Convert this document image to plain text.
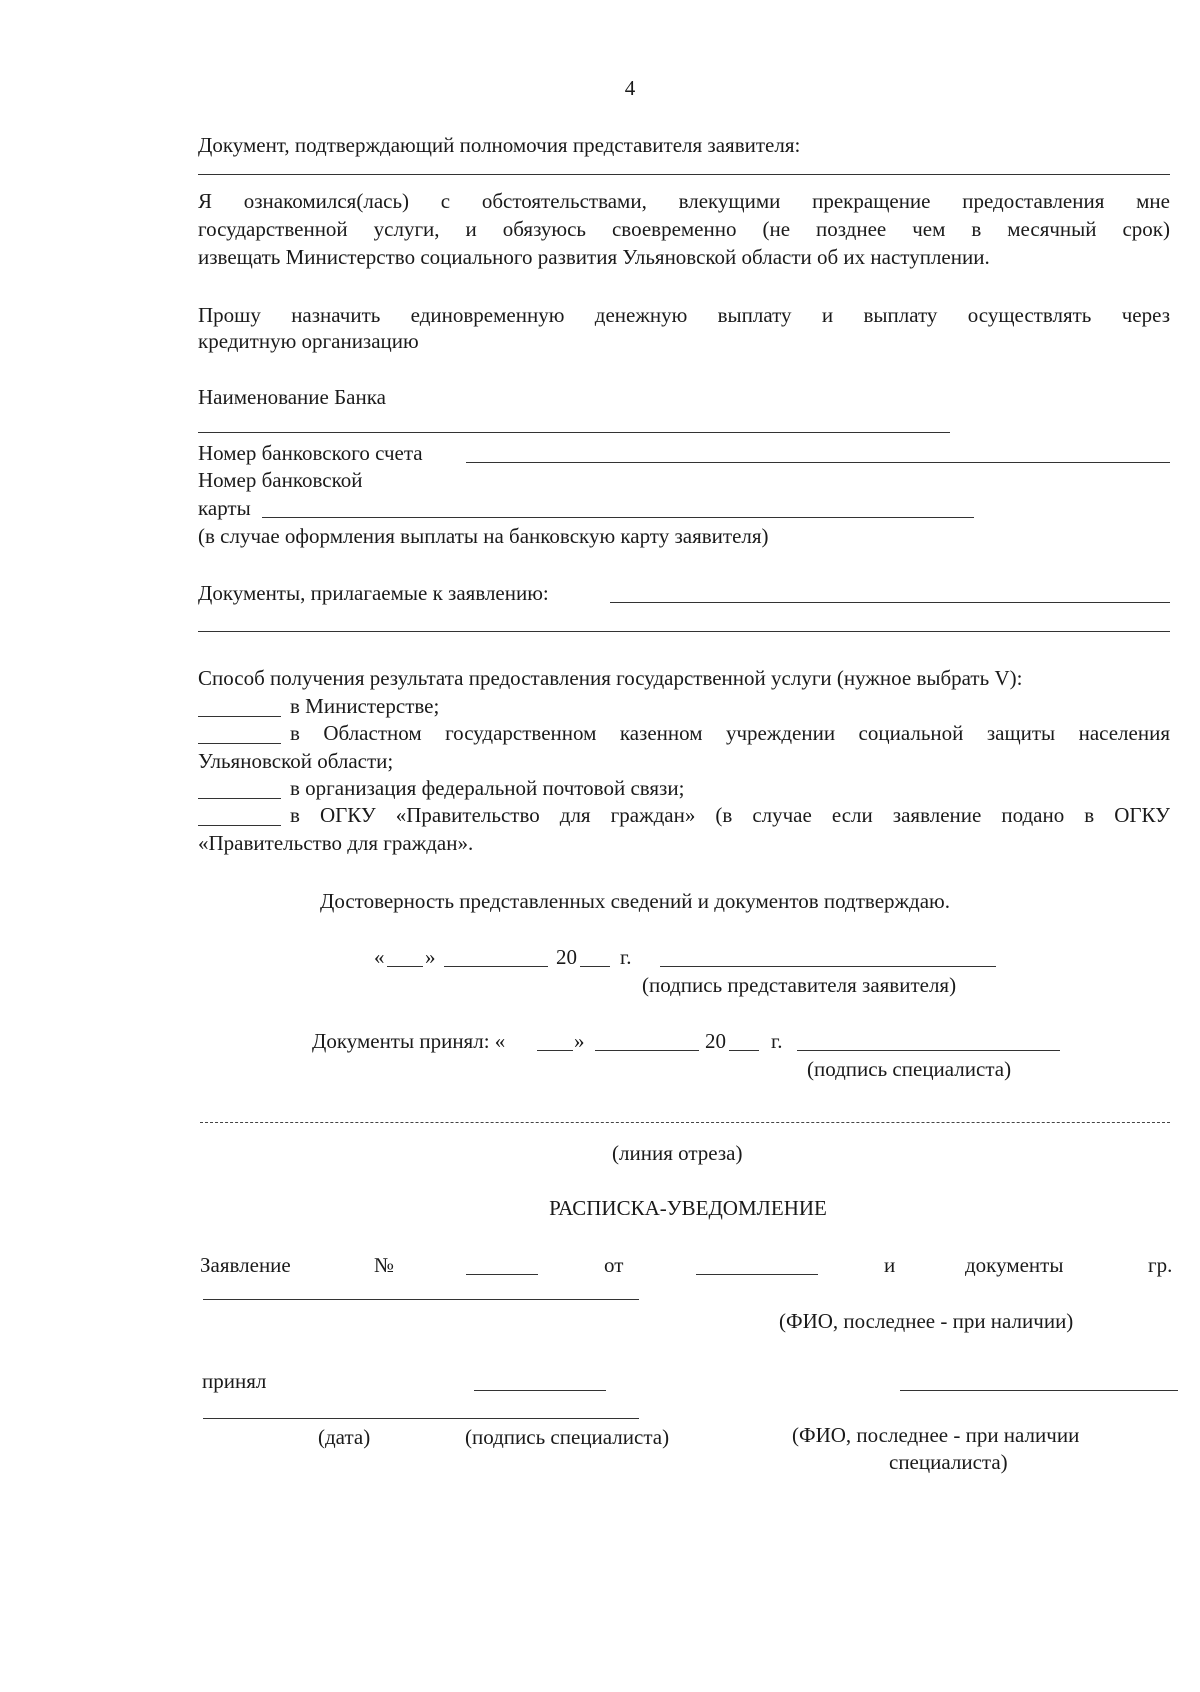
4
Документ, подтверждающий полномочия представителя заявителя:
Я ознакомился(лась) с обстоятельствами, влекущими прекращение предоставления мне
государственной услуги, и обязуюсь своевременно (не позднее чем в месячный срок)
извещать Министерство социального развития Ульяновской области об их наступлении.
Прошу назначить единовременную денежную выплату и выплату осуществлять через
кредитную организацию
Наименование Банка
Номер банковского счета
Номер банковской
карты
(в случае оформления выплаты на банковскую карту заявителя)
Документы, прилагаемые к заявлению:
Способ получения результата предоставления государственной услуги (нужное выбрать V):
в Министерстве;
в Областном государственном казенном учреждении социальной защиты населения
Ульяновской области;
в организация федеральной почтовой связи;
в ОГКУ «Правительство для граждан» (в случае если заявление подано в ОГКУ
«Правительство для граждан».
Достоверность представленных сведений и документов подтверждаю.
« »	20 г.
(подпись представителя заявителя)
Документы принял: «	»	20 г.
(подпись специалиста)
(линия отреза)
РАСПИСКА-УВЕДОМЛЕНИЕ
Заявление	№	от	и	документы	гр.
(ФИО, последнее - при наличии)
принял
(дата)	(подпись специалиста)	(ФИО, последнее - при наличии
специалиста)
